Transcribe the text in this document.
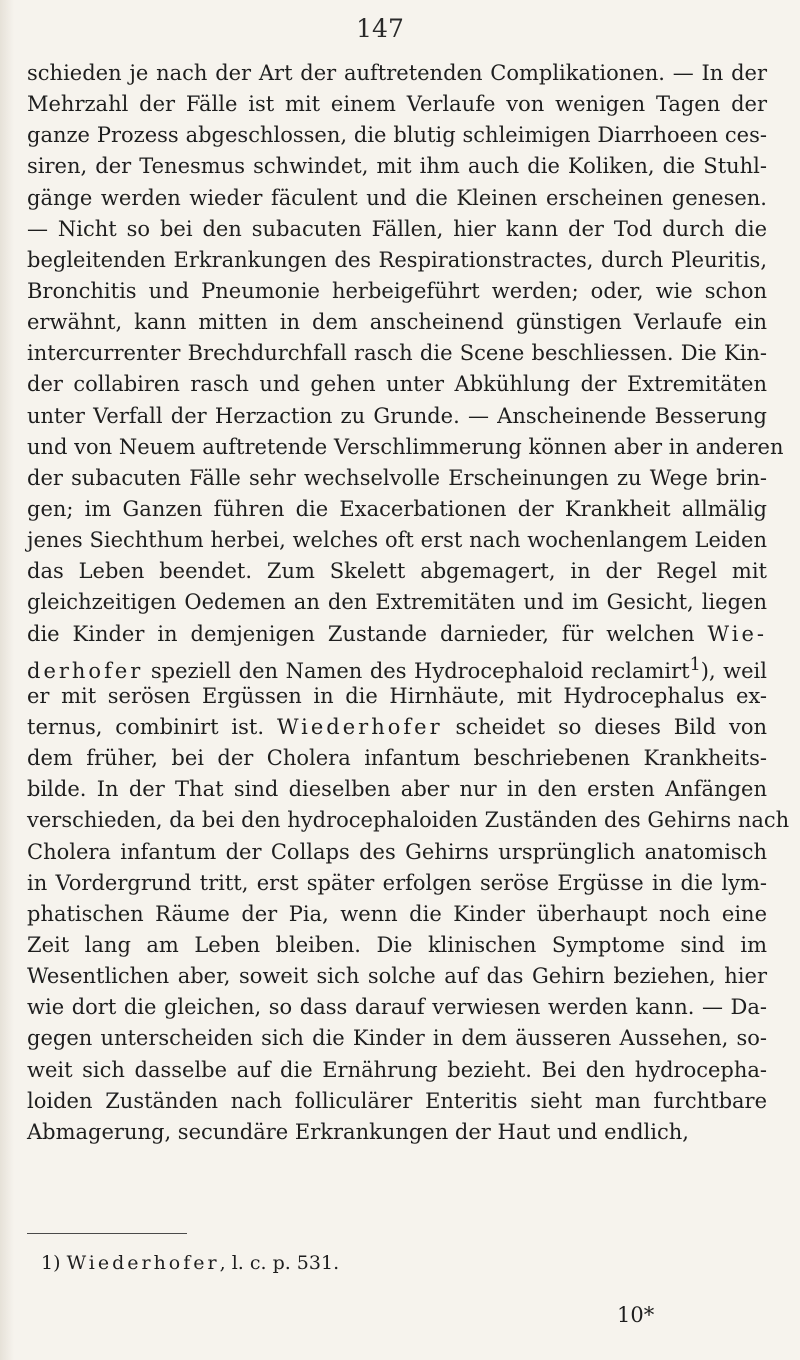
147
schieden je nach der Art der auftretenden Complikationen. — In der
Mehrzahl der Fälle ist mit einem Verlaufe von wenigen Tagen der
ganze Prozess abgeschlossen, die blutig schleimigen Diarrhoeen ces-
siren, der Tenesmus schwindet, mit ihm auch die Koliken, die Stuhl-
gänge werden wieder fäculent und die Kleinen erscheinen genesen.
— Nicht so bei den subacuten Fällen, hier kann der Tod durch die
begleitenden Erkrankungen des Respirationstractes, durch Pleuritis,
Bronchitis und Pneumonie herbeigeführt werden; oder, wie schon
erwähnt, kann mitten in dem anscheinend günstigen Verlaufe ein
intercurrenter Brechdurchfall rasch die Scene beschliessen. Die Kin-
der collabiren rasch und gehen unter Abkühlung der Extremitäten
unter Verfall der Herzaction zu Grunde. — Anscheinende Besserung
und von Neuem auftretende Verschlimmerung können aber in anderen
der subacuten Fälle sehr wechselvolle Erscheinungen zu Wege brin-
gen; im Ganzen führen die Exacerbationen der Krankheit allmälig
jenes Siechthum herbei, welches oft erst nach wochenlangem Leiden
das Leben beendet. Zum Skelett abgemagert, in der Regel mit
gleichzeitigen Oedemen an den Extremitäten und im Gesicht, liegen
die Kinder in demjenigen Zustande darnieder, für welchen Wie-
derhofer speziell den Namen des Hydrocephaloid reclamirt$^1$), weil
er mit serösen Ergüssen in die Hirnhäute, mit Hydrocephalus ex-
ternus, combinirt ist. Wiederhofer scheidet so dieses Bild von
dem früher, bei der Cholera infantum beschriebenen Krankheits-
bilde. In der That sind dieselben aber nur in den ersten Anfängen
verschieden, da bei den hydrocephaloiden Zuständen des Gehirns nach
Cholera infantum der Collaps des Gehirns ursprünglich anatomisch
in Vordergrund tritt, erst später erfolgen seröse Ergüsse in die lym-
phatischen Räume der Pia, wenn die Kinder überhaupt noch eine
Zeit lang am Leben bleiben. Die klinischen Symptome sind im
Wesentlichen aber, soweit sich solche auf das Gehirn beziehen, hier
wie dort die gleichen, so dass darauf verwiesen werden kann. — Da-
gegen unterscheiden sich die Kinder in dem äusseren Aussehen, so-
weit sich dasselbe auf die Ernährung bezieht. Bei den hydrocepha-
loiden Zuständen nach folliculärer Enteritis sieht man furchtbare
Abmagerung, secundäre Erkrankungen der Haut und endlich,
1) Wiederhofer, l. c. p. 531.
10*
